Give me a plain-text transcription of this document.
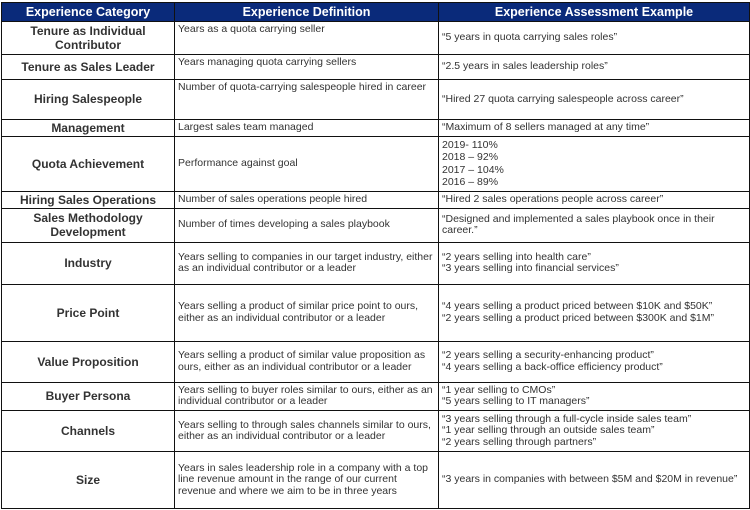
Experience Category	Experience Definition	Experience Assessment Example
Tenure as Individual Contributor	Years as a quota carrying seller	“5 years in quota carrying sales roles”

Tenure as Sales Leader	Years managing quota carrying sellers	“2.5 years in sales leadership roles”

Hiring Salespeople	Number of quota-carrying salespeople hired in career	“Hired 27 quota carrying salespeople across career”

Management	Largest sales team managed	“Maximum of 8 sellers managed at any time”

Quota Achievement	Performance against goal	2019- 110%
2018 – 92%
2017 – 104%
2016 – 89%

Hiring Sales Operations	Number of sales operations people hired	“Hired 2 sales operations people across career”

Sales Methodology Development	Number of times developing a sales playbook	“Designed and implemented a sales playbook once in their career.”

Industry	Years selling to companies in our target industry, either as an individual contributor or a leader	“2 years selling into health care”
“3 years selling into financial services”

Price Point	Years selling a product of similar price point to ours, either as an individual contributor or a leader	“4 years selling a product priced between $10K and $50K”
“2 years selling a product priced between $300K and $1M”

Value Proposition	Years selling a product of similar value proposition as ours, either as an individual contributor or a leader	“2 years selling a security-enhancing product”
“4 years selling a back-office efficiency product”

Buyer Persona	Years selling to buyer roles similar to ours, either as an individual contributor or a leader	“1 year selling to CMOs”
“5 years selling to IT managers”

Channels	Years selling to through sales channels similar to ours, either as an individual contributor or a leader	“3 years selling through a full-cycle inside sales team”
“1 year selling through an outside sales team”
“2 years selling through partners”

Size	Years in sales leadership role in a company with a top line revenue amount in the range of our current revenue and where we aim to be in three years	“3 years in companies with between $5M and $20M in revenue”
